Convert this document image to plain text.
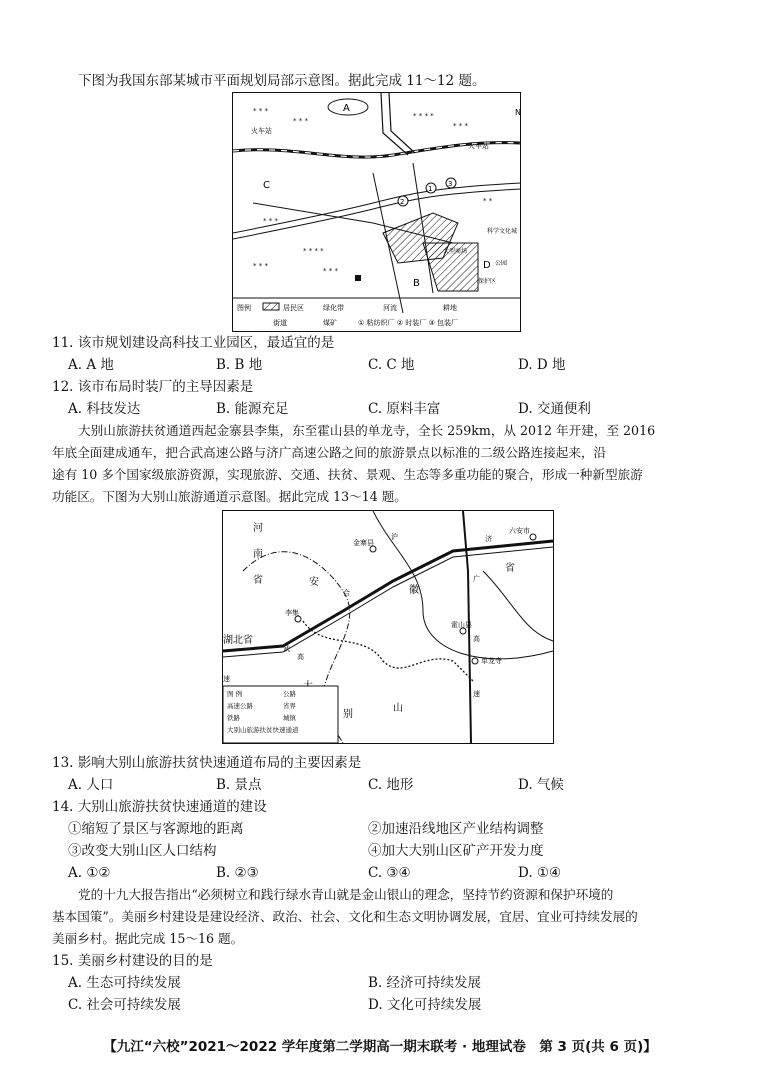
下图为我国东部某城市平面规划局部示意图。据此完成 11～12 题。
A
C
B
D
N
火车站
火车站
科学文化城
大型商场
公园
保护区
1
2
3
* * *
* * *
* * * *
* * *
* * *
* * * *
* * *
* * *
* *
图例	居民区	绿化带	河流	耕地
街道	煤矿	① 粘纺织厂 ② 时装厂 ③ 包装厂
11. 该市规划建设高科技工业园区，最适宜的是
A. A 地	B. B 地	C. C 地	D. D 地
12. 该市布局时装厂的主导因素是
A. 科技发达	B. 能源充足	C. 原料丰富	D. 交通便利
大别山旅游扶贫通道西起金寨县李集，东至霍山县的单龙寺，全长 259km，从 2012 年开建，至 2016
年底全面建成通车，把合武高速公路与济广高速公路之间的旅游景点以标准的二级公路连接起来，沿
途有 10 多个国家级旅游资源，实现旅游、交通、扶贫、景观、生态等多重功能的聚合，形成一种新型旅游
功能区。下图为大别山旅游通道示意图。据此完成 13～14 题。
河
南
省	安
徽
省
湖北省
别
山
金寨县
沪	济
六安市
合
武
霍山县
李集
高
速
广
高
单龙寺
速
图 例	公路
高速公路	省界
铁路	城镇
大别山旅游扶贫快速通道
13. 影响大别山旅游扶贫快速通道布局的主要因素是
A. 人口	B. 景点	C. 地形	D. 气候
14. 大别山旅游扶贫快速通道的建设
①缩短了景区与客源地的距离	②加速沿线地区产业结构调整
③改变大别山区人口结构	④加大大别山区矿产开发力度
A. ①②	B. ②③	C. ③④	D. ①④
党的十九大报告指出“必须树立和践行绿水青山就是金山银山的理念，坚持节约资源和保护环境的
基本国策”。美丽乡村建设是建设经济、政治、社会、文化和生态文明协调发展，宜居、宜业可持续发展的
美丽乡村。据此完成 15～16 题。
15. 美丽乡村建设的目的是
A. 生态可持续发展	B. 经济可持续发展
C. 社会可持续发展	D. 文化可持续发展
【九江“六校”2021～2022 学年度第二学期高一期末联考 · 地理试卷　第 3 页(共 6 页)】
